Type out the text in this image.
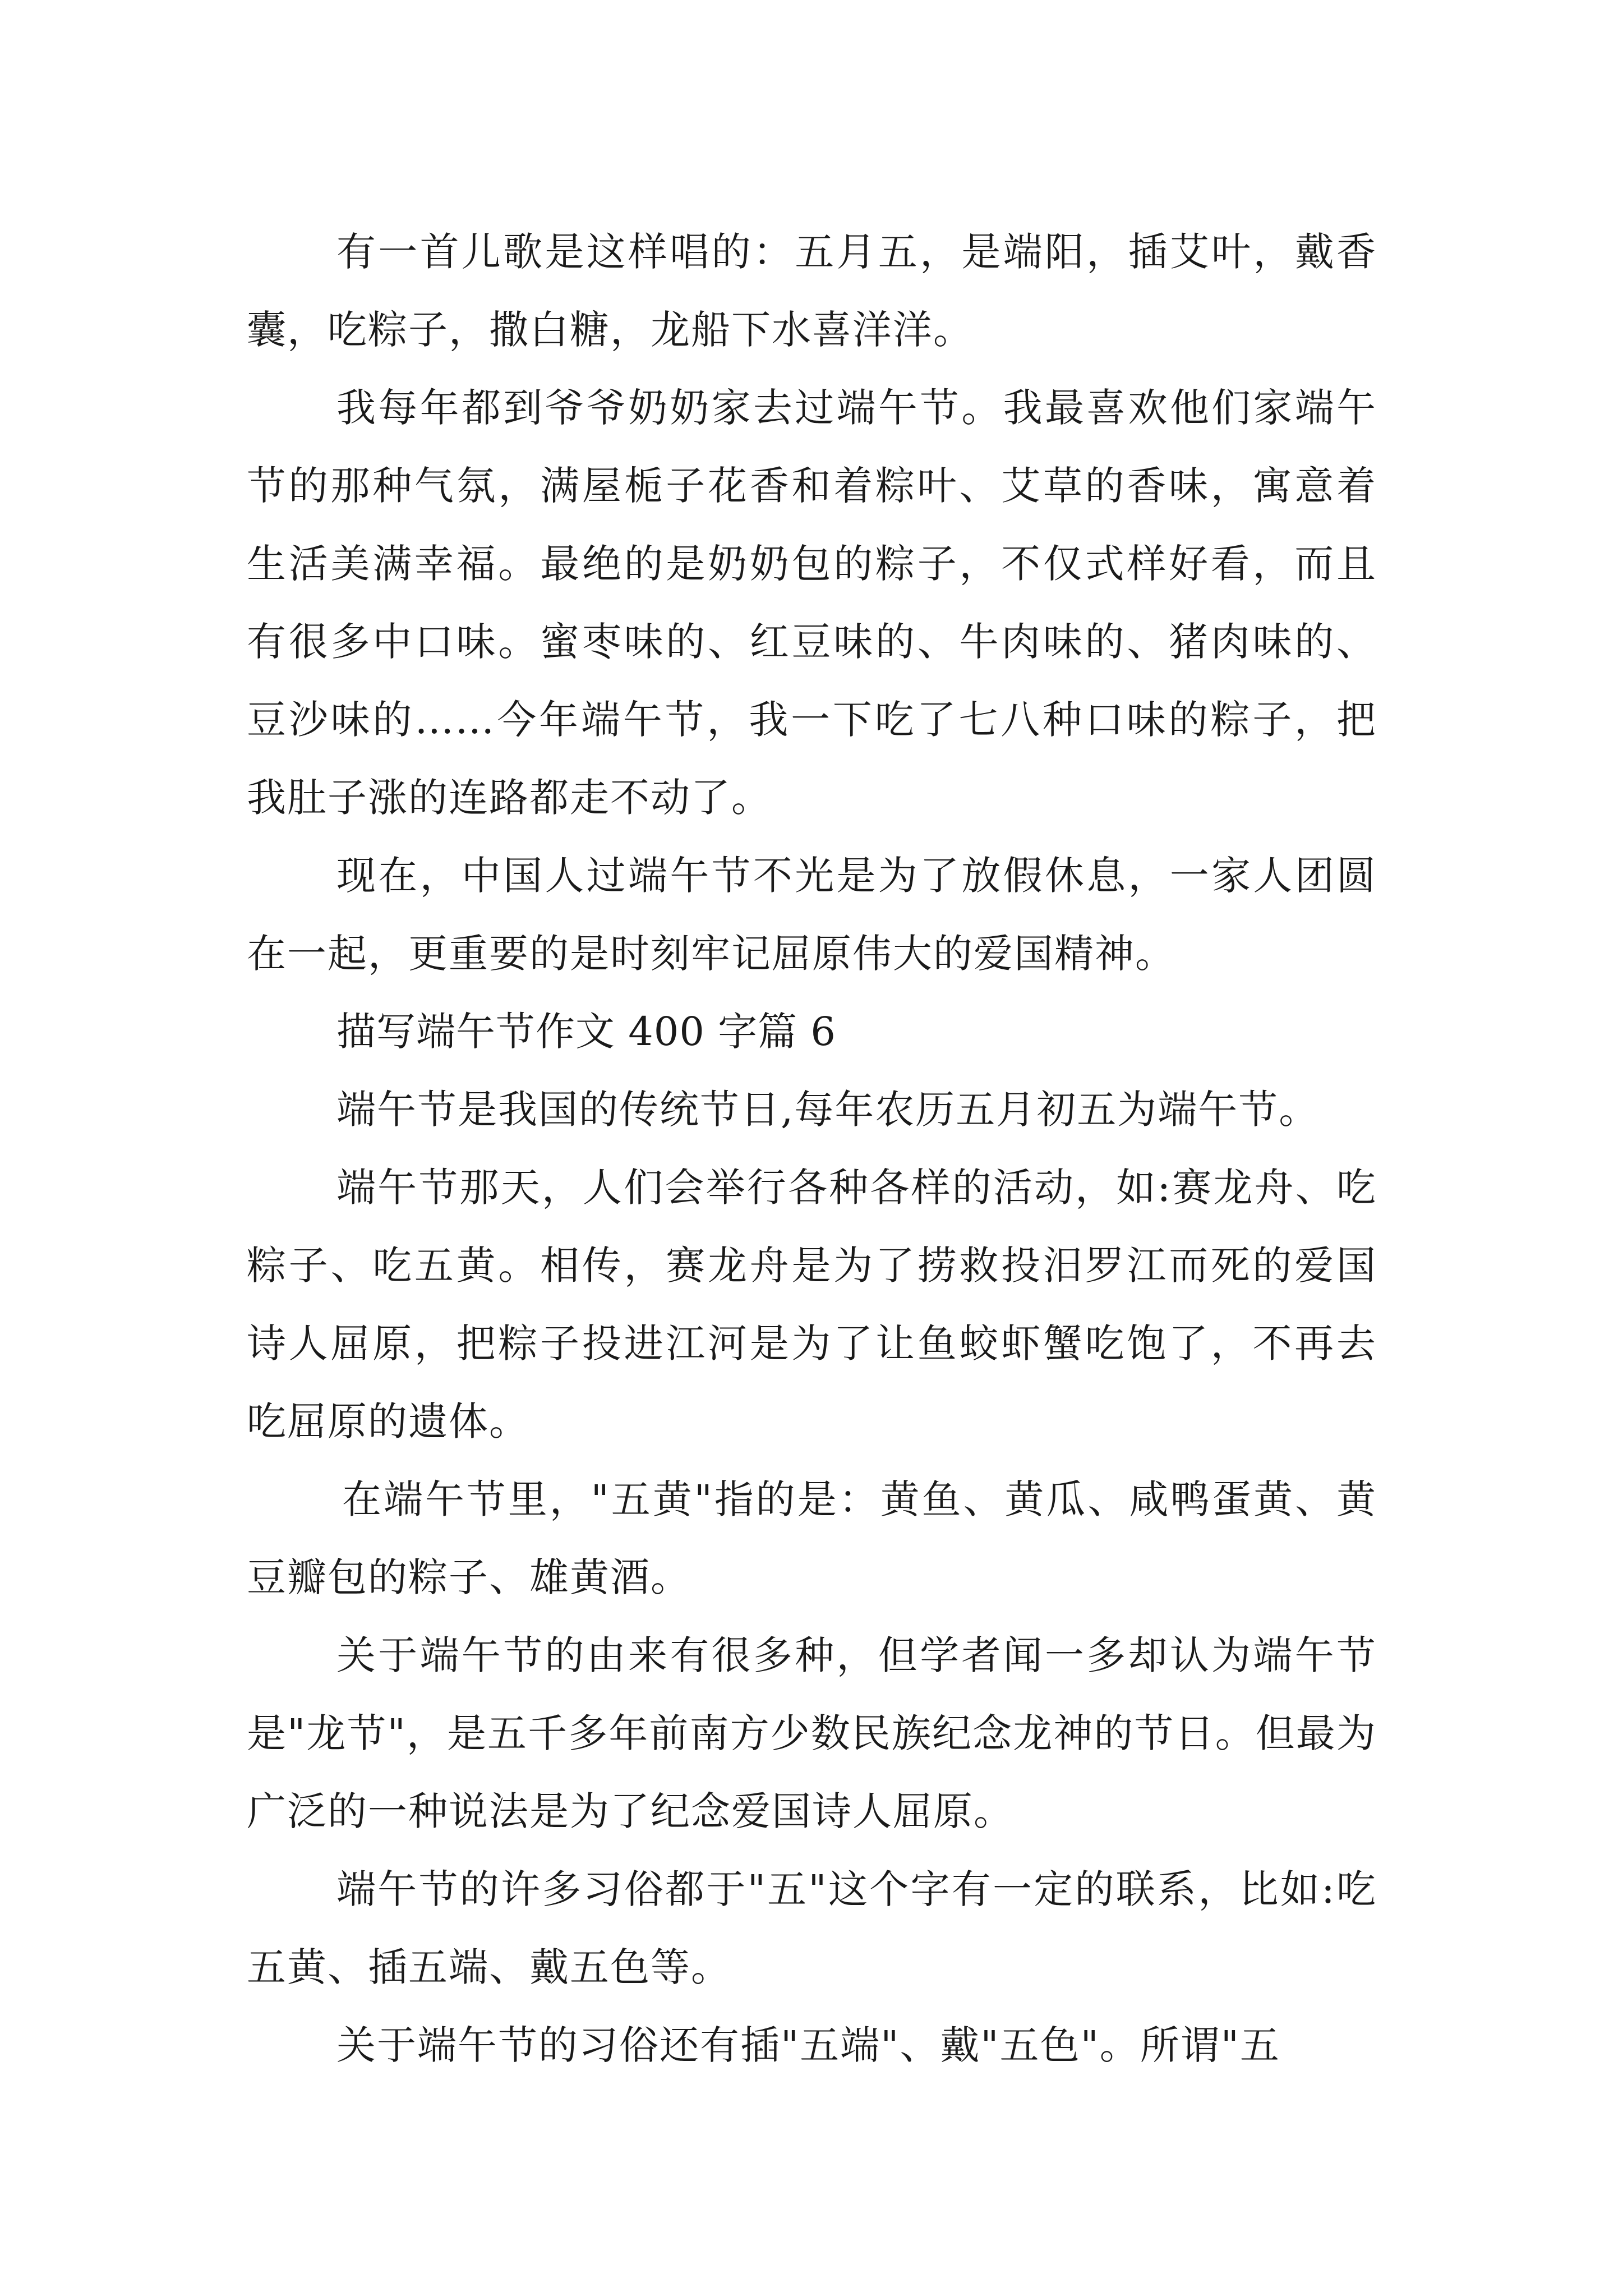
有一首儿歌是这样唱的：五月五，是端阳，插艾叶，戴香囊，吃粽子，撒白糖，龙船下水喜洋洋。

我每年都到爷爷奶奶家去过端午节。我最喜欢他们家端午节的那种气氛，满屋栀子花香和着粽叶、艾草的香味，寓意着生活美满幸福。最绝的是奶奶包的粽子，不仅式样好看，而且有很多中口味。蜜枣味的、红豆味的、牛肉味的、猪肉味的、豆沙味的……今年端午节，我一下吃了七八种口味的粽子，把我肚子涨的连路都走不动了。

现在，中国人过端午节不光是为了放假休息，一家人团圆在一起，更重要的是时刻牢记屈原伟大的爱国精神。

描写端午节作文 400 字篇 6

端午节是我国的传统节日,每年农历五月初五为端午节。

端午节那天，人们会举行各种各样的活动，如:赛龙舟、吃粽子、吃五黄。相传，赛龙舟是为了捞救投汨罗江而死的爱国诗人屈原，把粽子投进江河是为了让鱼蛟虾蟹吃饱了，不再去吃屈原的遗体。

在端午节里，"五黄"指的是：黄鱼、黄瓜、咸鸭蛋黄、黄豆瓣包的粽子、雄黄酒。

关于端午节的由来有很多种，但学者闻一多却认为端午节是"龙节"，是五千多年前南方少数民族纪念龙神的节日。但最为广泛的一种说法是为了纪念爱国诗人屈原。

端午节的许多习俗都于"五"这个字有一定的联系，比如:吃五黄、插五端、戴五色等。

关于端午节的习俗还有插"五端"、戴"五色"。所谓"五
